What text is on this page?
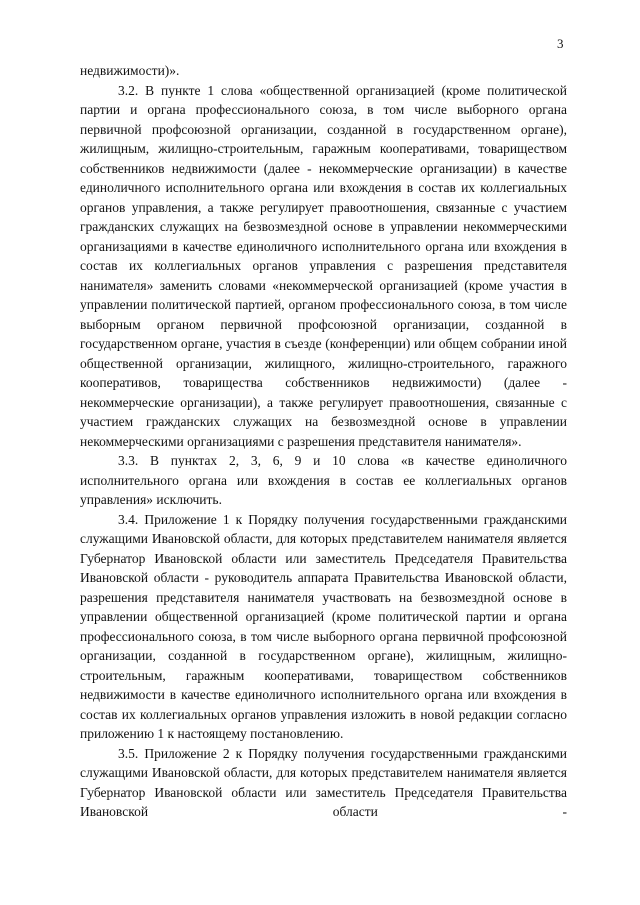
3

недвижимости)».

3.2. В пункте 1 слова «общественной организацией (кроме политической партии и органа профессионального союза, в том числе выборного органа первичной профсоюзной организации, созданной в государственном органе), жилищным, жилищно-строительным, гаражным кооперативами, товариществом собственников недвижимости (далее - некоммерческие организации) в качестве единоличного исполнительного органа или вхождения в состав их коллегиальных органов управления, а также регулирует правоотношения, связанные с участием гражданских служащих на безвозмездной основе в управлении некоммерческими организациями в качестве единоличного исполнительного органа или вхождения в состав их коллегиальных органов управления с разрешения представителя нанимателя» заменить словами «некоммерческой организацией (кроме участия в управлении политической партией, органом профессионального союза, в том числе выборным органом первичной профсоюзной организации, созданной в государственном органе, участия в съезде (конференции) или общем собрании иной общественной организации, жилищного, жилищно-строительного, гаражного кооперативов, товарищества собственников недвижимости) (далее - некоммерческие организации), а также регулирует правоотношения, связанные с участием гражданских служащих на безвозмездной основе в управлении некоммерческими организациями с разрешения представителя нанимателя».

3.3. В пунктах 2, 3, 6, 9 и 10 слова «в качестве единоличного исполнительного органа или вхождения в состав ее коллегиальных органов управления» исключить.

3.4. Приложение 1 к Порядку получения государственными гражданскими служащими Ивановской области, для которых представителем нанимателя является Губернатор Ивановской области или заместитель Председателя Правительства Ивановской области - руководитель аппарата Правительства Ивановской области, разрешения представителя нанимателя участвовать на безвозмездной основе в управлении общественной организацией (кроме политической партии и органа профессионального союза, в том числе выборного органа первичной профсоюзной организации, созданной в государственном органе), жилищным, жилищно-строительным, гаражным кооперативами, товариществом собственников недвижимости в качестве единоличного исполнительного органа или вхождения в состав их коллегиальных органов управления изложить в новой редакции согласно приложению 1 к настоящему постановлению.

3.5. Приложение 2 к Порядку получения государственными гражданскими служащими Ивановской области, для которых представителем нанимателя является Губернатор Ивановской области или заместитель Председателя Правительства Ивановской области -
